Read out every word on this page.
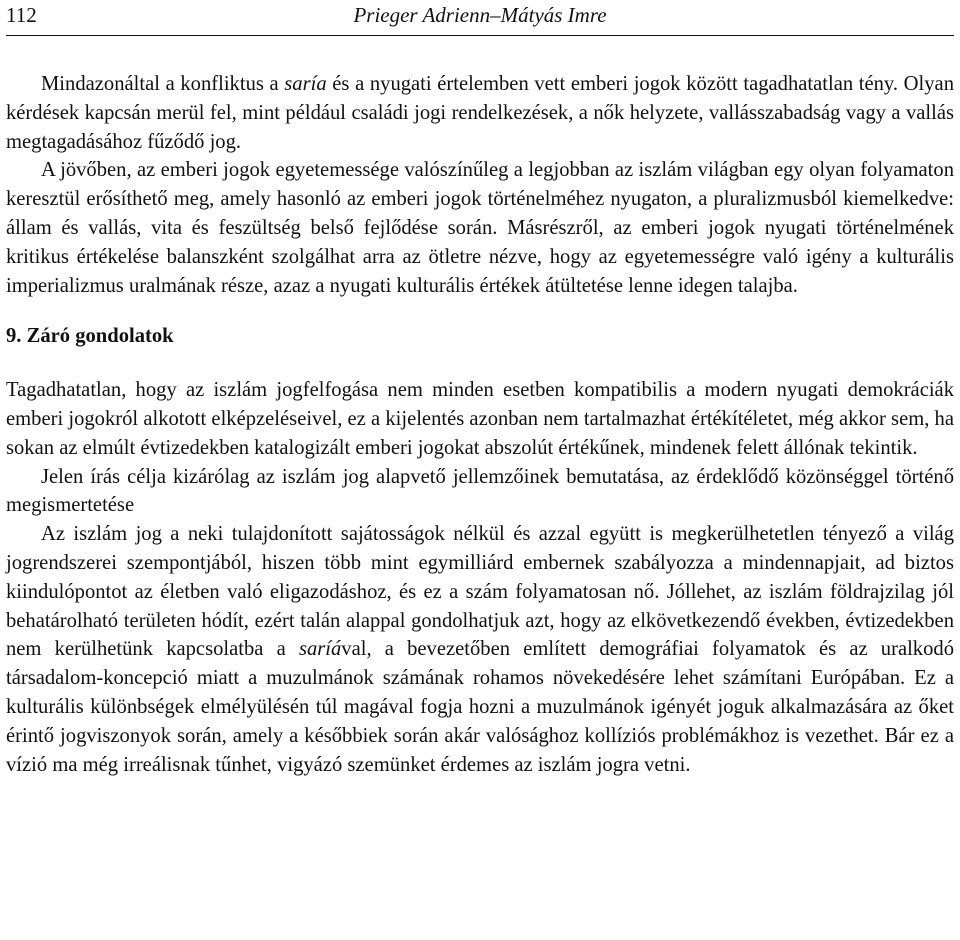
112	Prieger Adrienn–Mátyás Imre

Mindazonáltal a konfliktus a saría és a nyugati értelemben vett emberi jogok között tagadhatatlan tény. Olyan kérdések kapcsán merül fel, mint például családi jogi rendelkezések, a nők helyzete, vallásszabadság vagy a vallás megtagadásához fűződő jog.

A jövőben, az emberi jogok egyetemessége valószínűleg a legjobban az iszlám világban egy olyan folyamaton keresztül erősíthető meg, amely hasonló az emberi jogok történelméhez nyugaton, a pluralizmusból kiemelkedve: állam és vallás, vita és feszültség belső fejlődése során. Másrészről, az emberi jogok nyugati történelmének kritikus értékelése balanszként szolgálhat arra az ötletre nézve, hogy az egyetemességre való igény a kulturális imperializmus uralmának része, azaz a nyugati kulturális értékek átültetése lenne idegen talajba.

9. Záró gondolatok

Tagadhatatlan, hogy az iszlám jogfelfogása nem minden esetben kompatibilis a modern nyugati demokráciák emberi jogokról alkotott elképzeléseivel, ez a kijelentés azonban nem tartalmazhat értékítéletet, még akkor sem, ha sokan az elmúlt évtizedekben katalogizált emberi jogokat abszolút értékűnek, mindenek felett állónak tekintik.

Jelen írás célja kizárólag az iszlám jog alapvető jellemzőinek bemutatása, az érdeklődő közönséggel történő megismertetése

Az iszlám jog a neki tulajdonított sajátosságok nélkül és azzal együtt is megkerülhetetlen tényező a világ jogrendszerei szempontjából, hiszen több mint egymilliárd embernek szabályozza a mindennapjait, ad biztos kiindulópontot az életben való eligazodáshoz, és ez a szám folyamatosan nő. Jóllehet, az iszlám földrajzilag jól behatárolható területen hódít, ezért talán alappal gondolhatjuk azt, hogy az elkövetkezendő években, évtizedekben nem kerülhetünk kapcsolatba a saríával, a bevezetőben említett demográfiai folyamatok és az uralkodó társadalom-koncepció miatt a muzulmánok számának rohamos növekedésére lehet számítani Európában. Ez a kulturális különbségek elmélyülésén túl magával fogja hozni a muzulmánok igényét joguk alkalmazására az őket érintő jogviszonyok során, amely a későbbiek során akár valósághoz kollíziós problémákhoz is vezethet. Bár ez a vízió ma még irreálisnak tűnhet, vigyázó szemünket érdemes az iszlám jogra vetni.
